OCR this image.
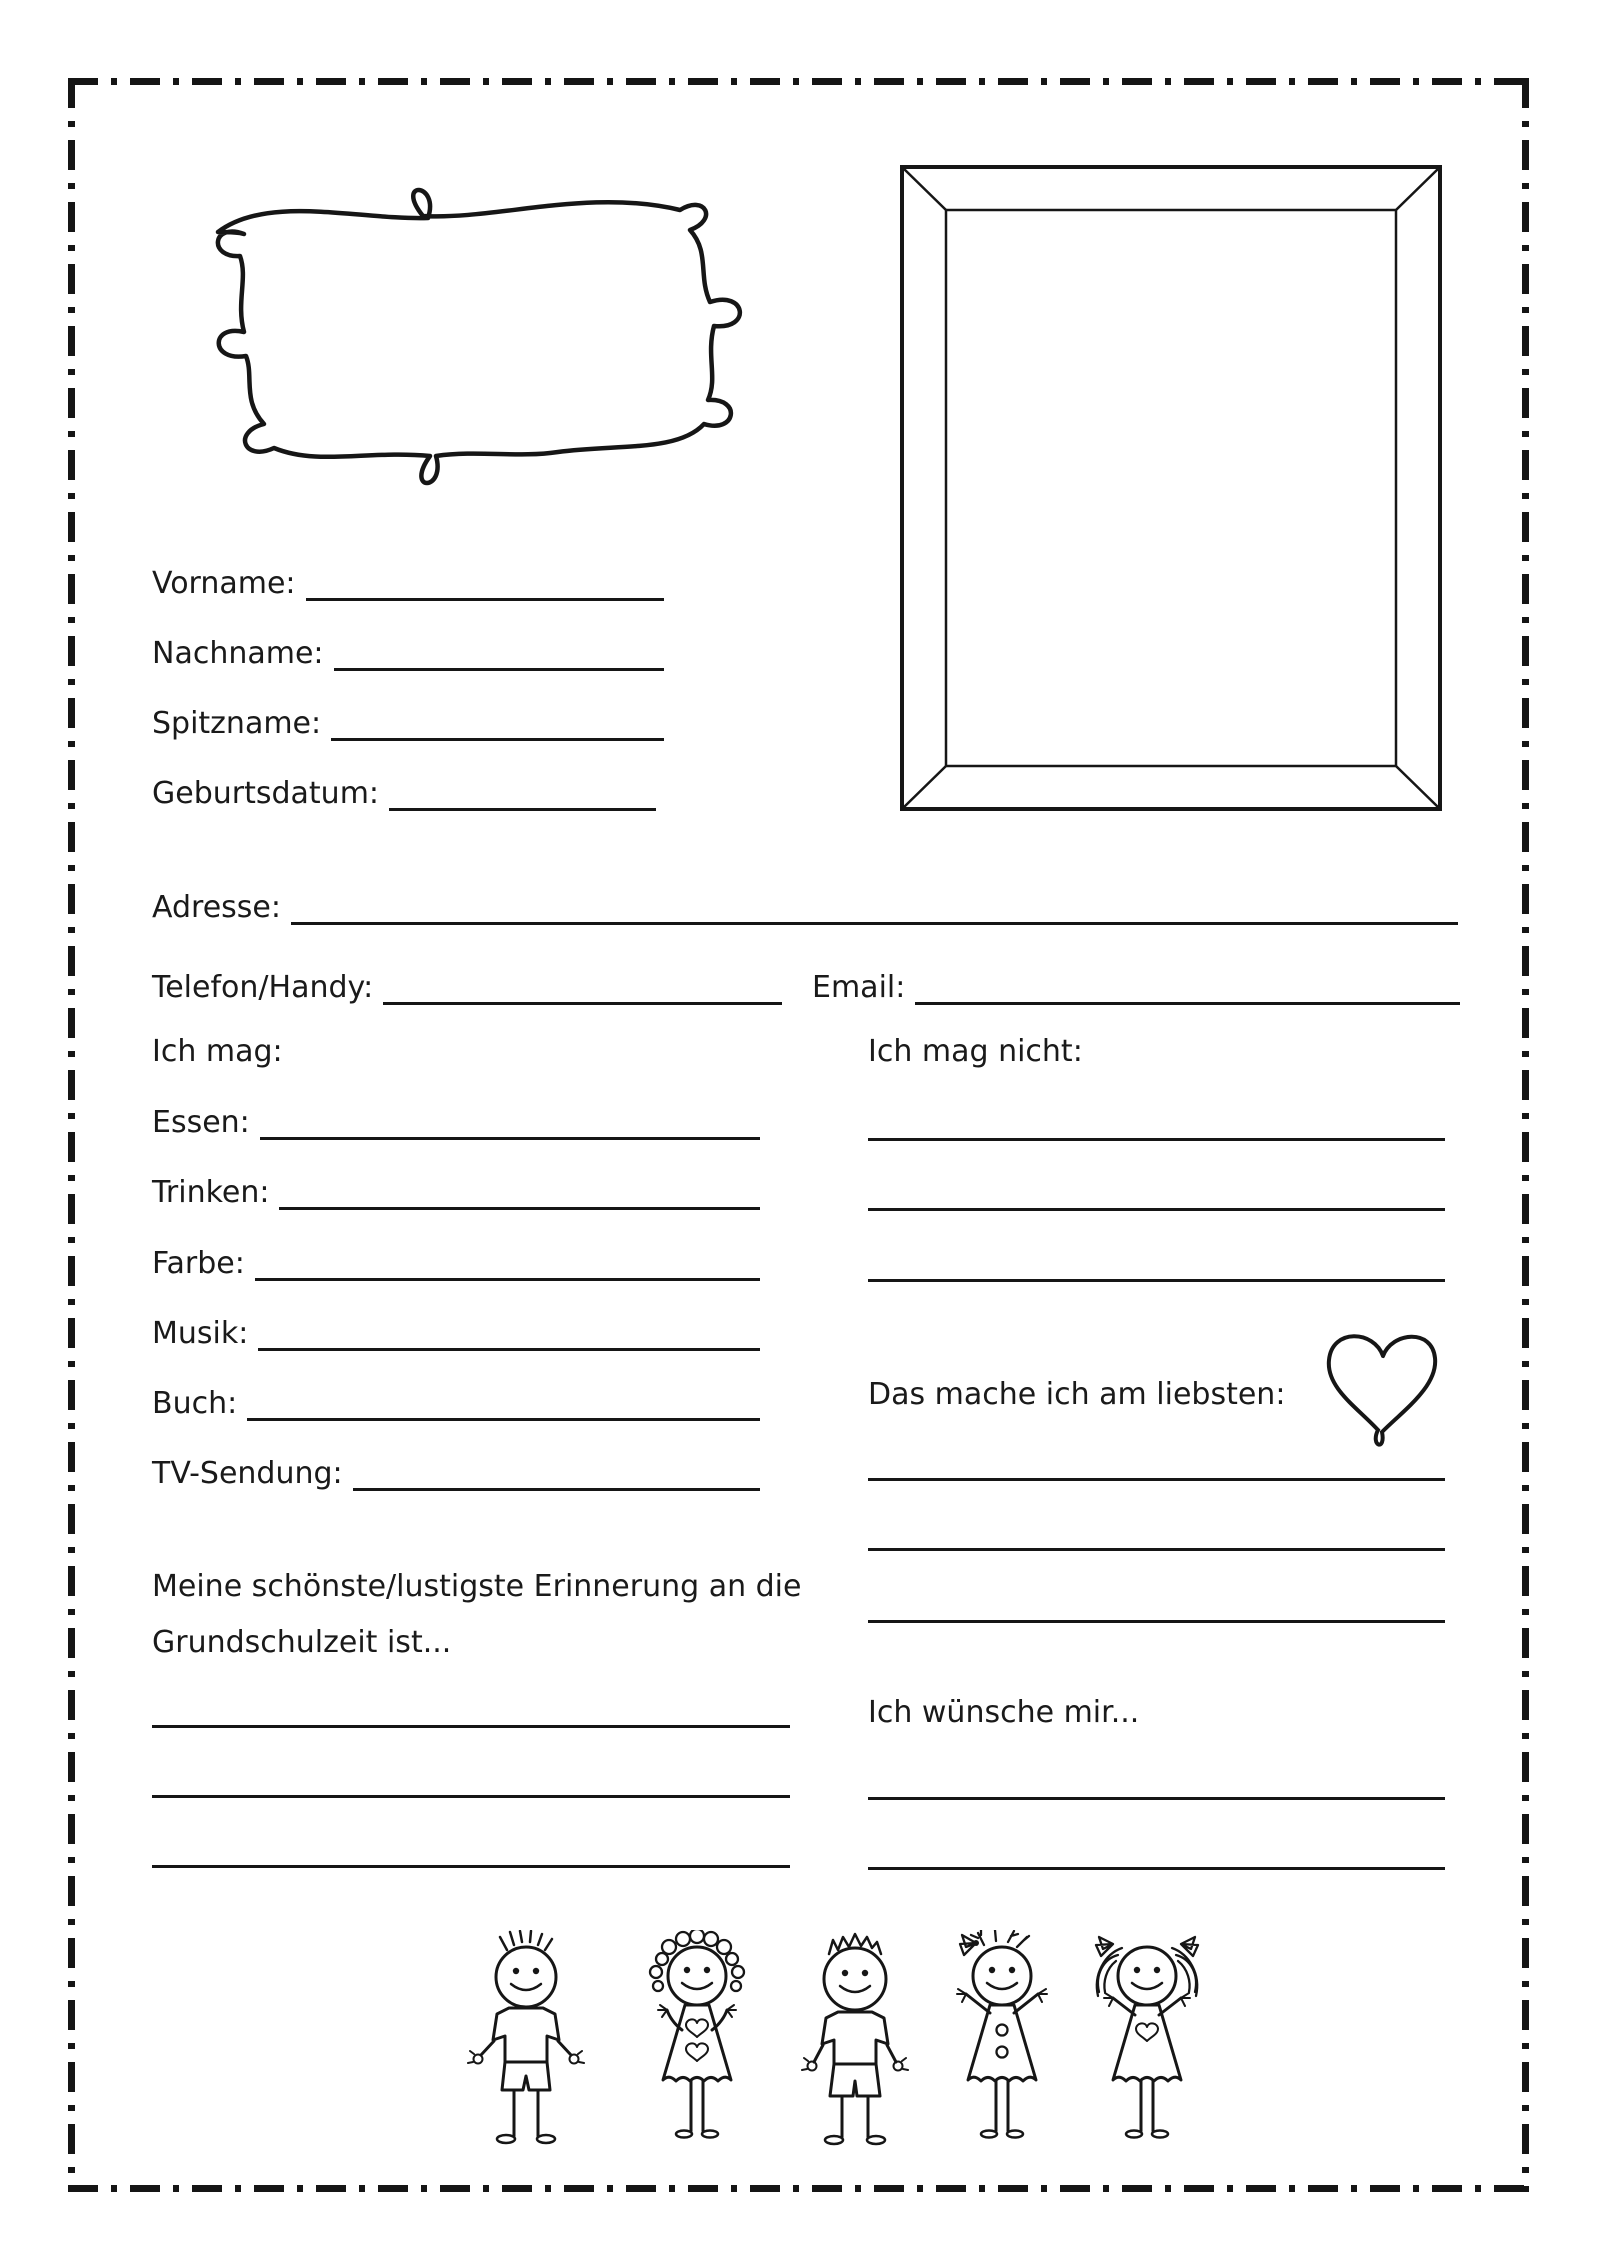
Vorname:
Nachname:
Spitzname:
Geburtsdatum:
Adresse:
Telefon/Handy:	Email:
Ich mag:	Ich mag nicht:
Essen:
Trinken:
Farbe:
Musik:
Buch:
TV-Sendung:
Das mache ich am liebsten:
Meine schönste/lustigste Erinnerung an die
Grundschulzeit ist...
Ich wünsche mir...
